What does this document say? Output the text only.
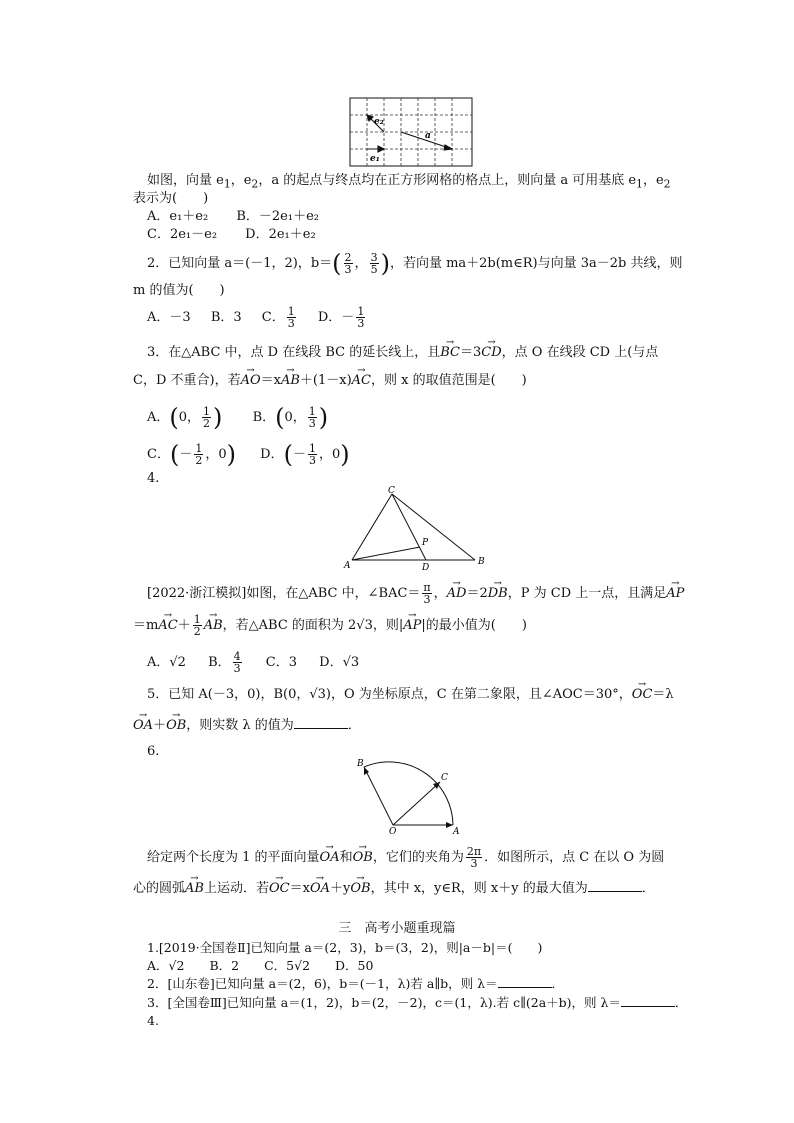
e₂
a
e₁
如图，向量 $e_1$，$e_2$，a 的起点与终点均在正方形网格的格点上，则向量 a 可用基底 $e_1$，$e_2$
表示为(　　)
A．e₁＋e₂ B．－2e₁＋e₂
C．2e₁－e₂ D．2e₁＋e₂
2．已知向量 a＝(－1，2)，$b=( \frac{2}{3}$ ， $\frac{3}{5}$ )，若向量 ma＋2b(m∈R)与向量 3a－2b 共线，则
m 的值为(　　)
A．－3 B．3 C． $\frac{1}{3}$ D．－ $\frac{1}{3}$
3．在△ABC 中，点 D 在线段 BC 的延长线上，且→ BC＝3→ CD，点 O 在线段 CD 上(与点
C，D 不重合)，若→ AO＝x→ AB＋(1－x)→ AC，则 x 的取值范围是(　　)
A．(0， $\frac{1}{2}$ ) B．(0， $\frac{1}{3}$ )
C．(－ $\frac{1}{2}$ ，0) D．(－ $\frac{1}{3}$ ，0)
4.
C
P
A	D
B
[2022·浙江模拟]如图，在△ABC 中，∠BAC＝ $\frac{\pi}{3}$ ，→ AD＝2→ DB，P 为 CD 上一点，且满足→ AP
$=m\to AC+ \frac{1}{2}$
→ AB，若△ABC 的面积为 2√3，则|→ AP|的最小值为(　　)
A．√2 B． $\frac{4}{3}$ C．3 D．√3
5．已知 A(－3，0)，B(0，√3)，O 为坐标原点，C 在第二象限，且∠AOC＝30°，→ OC＝λ
→ OA＋→ OB，则实数 λ 的值为	．
6.
B
C
O	A
给定两个长度为 1 的平面向量→ OA和→ OB，它们的夹角为 $\frac{2\pi}{3}$ ．如图所示，点 C 在以 O 为圆
心的圆弧→ AB上运动．若→ OC＝x→ OA＋y→ OB，其中 x，y∈R，则 x＋y 的最大值为	．
三　高考小题重现篇
1.[2019·全国卷Ⅱ]已知向量 a＝(2，3)，b＝(3，2)，则|a－b|＝(　　)
A．√2　　B．2　　C．5√2　　D．50
2．[山东卷]已知向量 a＝(2，6)，b＝(－1，λ)若 a∥b，则 λ＝	．
3．[全国卷Ⅲ]已知向量 a＝(1，2)，b＝(2，－2)，c＝(1，λ).若 c∥(2a＋b)，则 λ＝	．
4.
